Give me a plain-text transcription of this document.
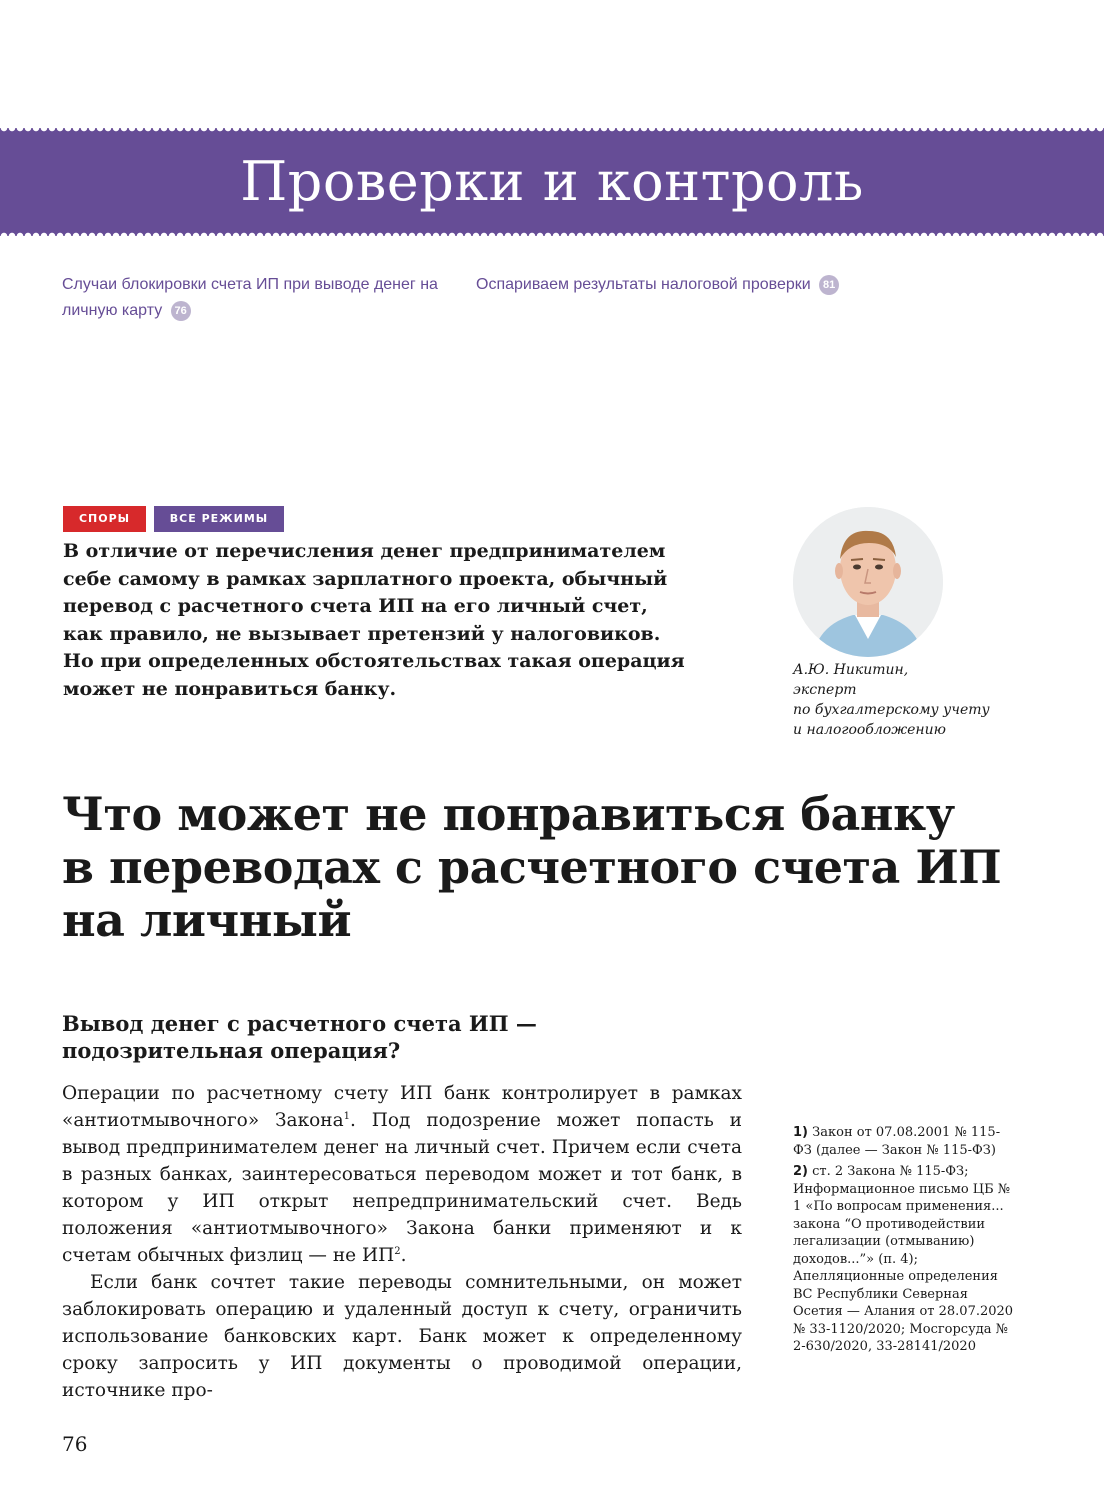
Проверки и контроль
Случаи блокировки счета ИП при выводе денег на личную карту 76
Оспариваем результаты налоговой проверки 81
СПОРЫ	ВСЕ РЕЖИМЫ

В отличие от перечисления денег предпринимателем
себе самому в рамках зарплатного проекта, обычный
перевод с расчетного счета ИП на его личный счет,
как правило, не вызывает претензий у налоговиков.
Но при определенных обстоятельствах такая операция
может не понравиться банку.

А.Ю. Никитин,
эксперт
по бухгалтерскому учету
и налогообложению

Что может не понравиться банку
в переводах с расчетного счета ИП
на личный
Вывод денег с расчетного счета ИП —
подозрительная операция?

Операции по расчетному счету ИП банк контролирует в рамках «антиотмывочного» Закона$^1$. Под подозрение может попасть и вывод предпринимателем денег на личный счет. Причем если счета в разных банках, заинтересоваться переводом может и тот банк, в котором у ИП открыт непредпринимательский счет. Ведь положения «антиотмывочного» Закона банки применяют и к счетам обычных физлиц — не $ИП^2$.

Если банк сочтет такие переводы сомнительными, он может заблокировать операцию и удаленный доступ к счету, ограничить использование банковских карт. Банк может к определенному сроку запросить у ИП документы о проводимой операции, источнике про-

1) Закон от 07.08.2001 № 115-ФЗ (далее — Закон № 115-ФЗ)

2) ст. 2 Закона № 115-ФЗ; Информационное письмо ЦБ № 1 «По вопросам применения... закона “О противодействии легализации (отмыванию) доходов...”» (п. 4); Апелляционные определения ВС Республики Северная Осетия — Алания от 28.07.2020 № 33-1120/2020; Мосгорсуда № 2-630/2020, 33-28141/2020

76
